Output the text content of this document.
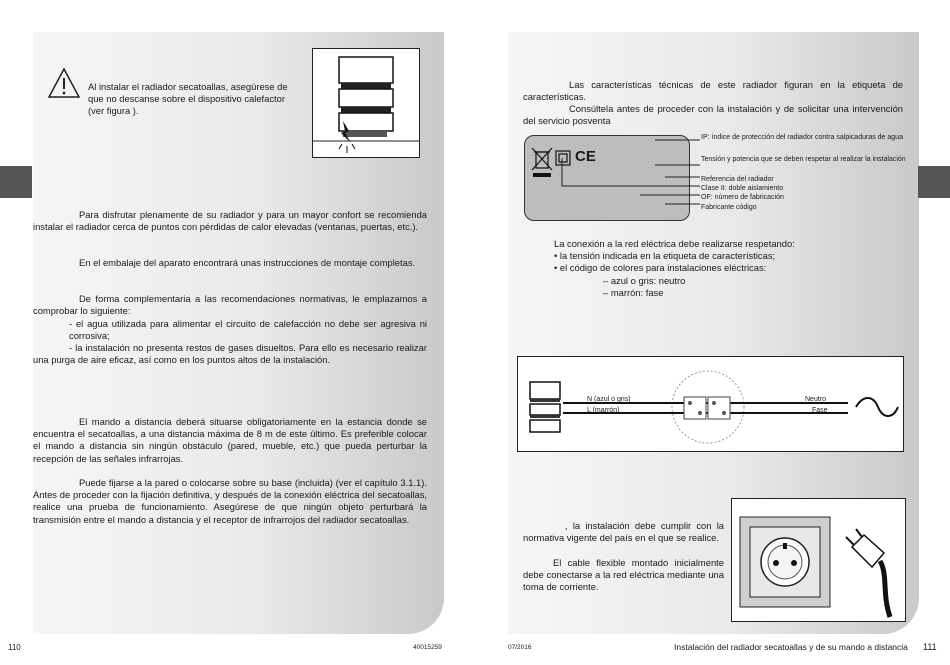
Al instalar el radiador secatoallas, asegúrese de que no descanse sobre el dispositivo calefactor (ver figura ).

Para disfrutar plenamente de su radiador y para un mayor confort se recomienda instalar el radiador cerca de puntos con pérdidas de calor elevadas (ventanas, puertas, etc.).

En el embalaje del aparato encontrará unas instrucciones de montaje completas.

De forma complementaria a las recomendaciones normativas, le emplazamos a comprobar lo siguiente:

- el agua utilizada para alimentar el circuito de calefacción no debe ser agresiva ni corrosiva;

- la instalación no presenta restos de gases disueltos. Para ello es necesario realizar una purga de aire eficaz, así como en los puntos altos de la instalación.

El mando a distancia deberá situarse obligatoriamente en la estancia donde se encuentra el secatoallas, a una distancia máxima de 8 m de este último. Es preferible colocar el mando a distancia sin ningún obstáculo (pared, mueble, etc.) que pueda perturbar la recepción de las señales infrarrojas.

Puede fijarse a la pared o colocarse sobre su base (incluida) (ver el capítulo 3.1.1). Antes de proceder con la fijación definitiva, y después de la conexión eléctrica del secatoallas, realice una prueba de funcionamiento. Asegúrese de que ningún objeto perturbará la transmisión entre el mando a distancia y el receptor de infrarrojos del radiador secatoallas.

110	40015259

Las características técnicas de este radiador figuran en la etiqueta de características.

Consúltela antes de proceder con la instalación y de solicitar una intervención del servicio posventa

CE
IP: índice de protección del radiador contra salpicaduras de agua
Tensión y potencia que se deben respetar al realizar la instalación
Referencia del radiador
Clase II: doble aislamiento
OF: número de fabricación
Fabricante código

La conexión a la red eléctrica debe realizarse respetando:

• la tensión indicada en la etiqueta de características;

• el código de colores para instalaciones eléctricas:

– azul o gris: neutro

– marrón: fase

N (azul o gris)
L (marrón)
Neutro
Fase

, la instalación debe cumplir con la normativa vigente del país en el que se realice.

El cable flexible montado inicialmente debe conectarse a la red eléctrica mediante una toma de corriente.

07/2016	Instalación del radiador secatoallas y de su mando a distancia 111
